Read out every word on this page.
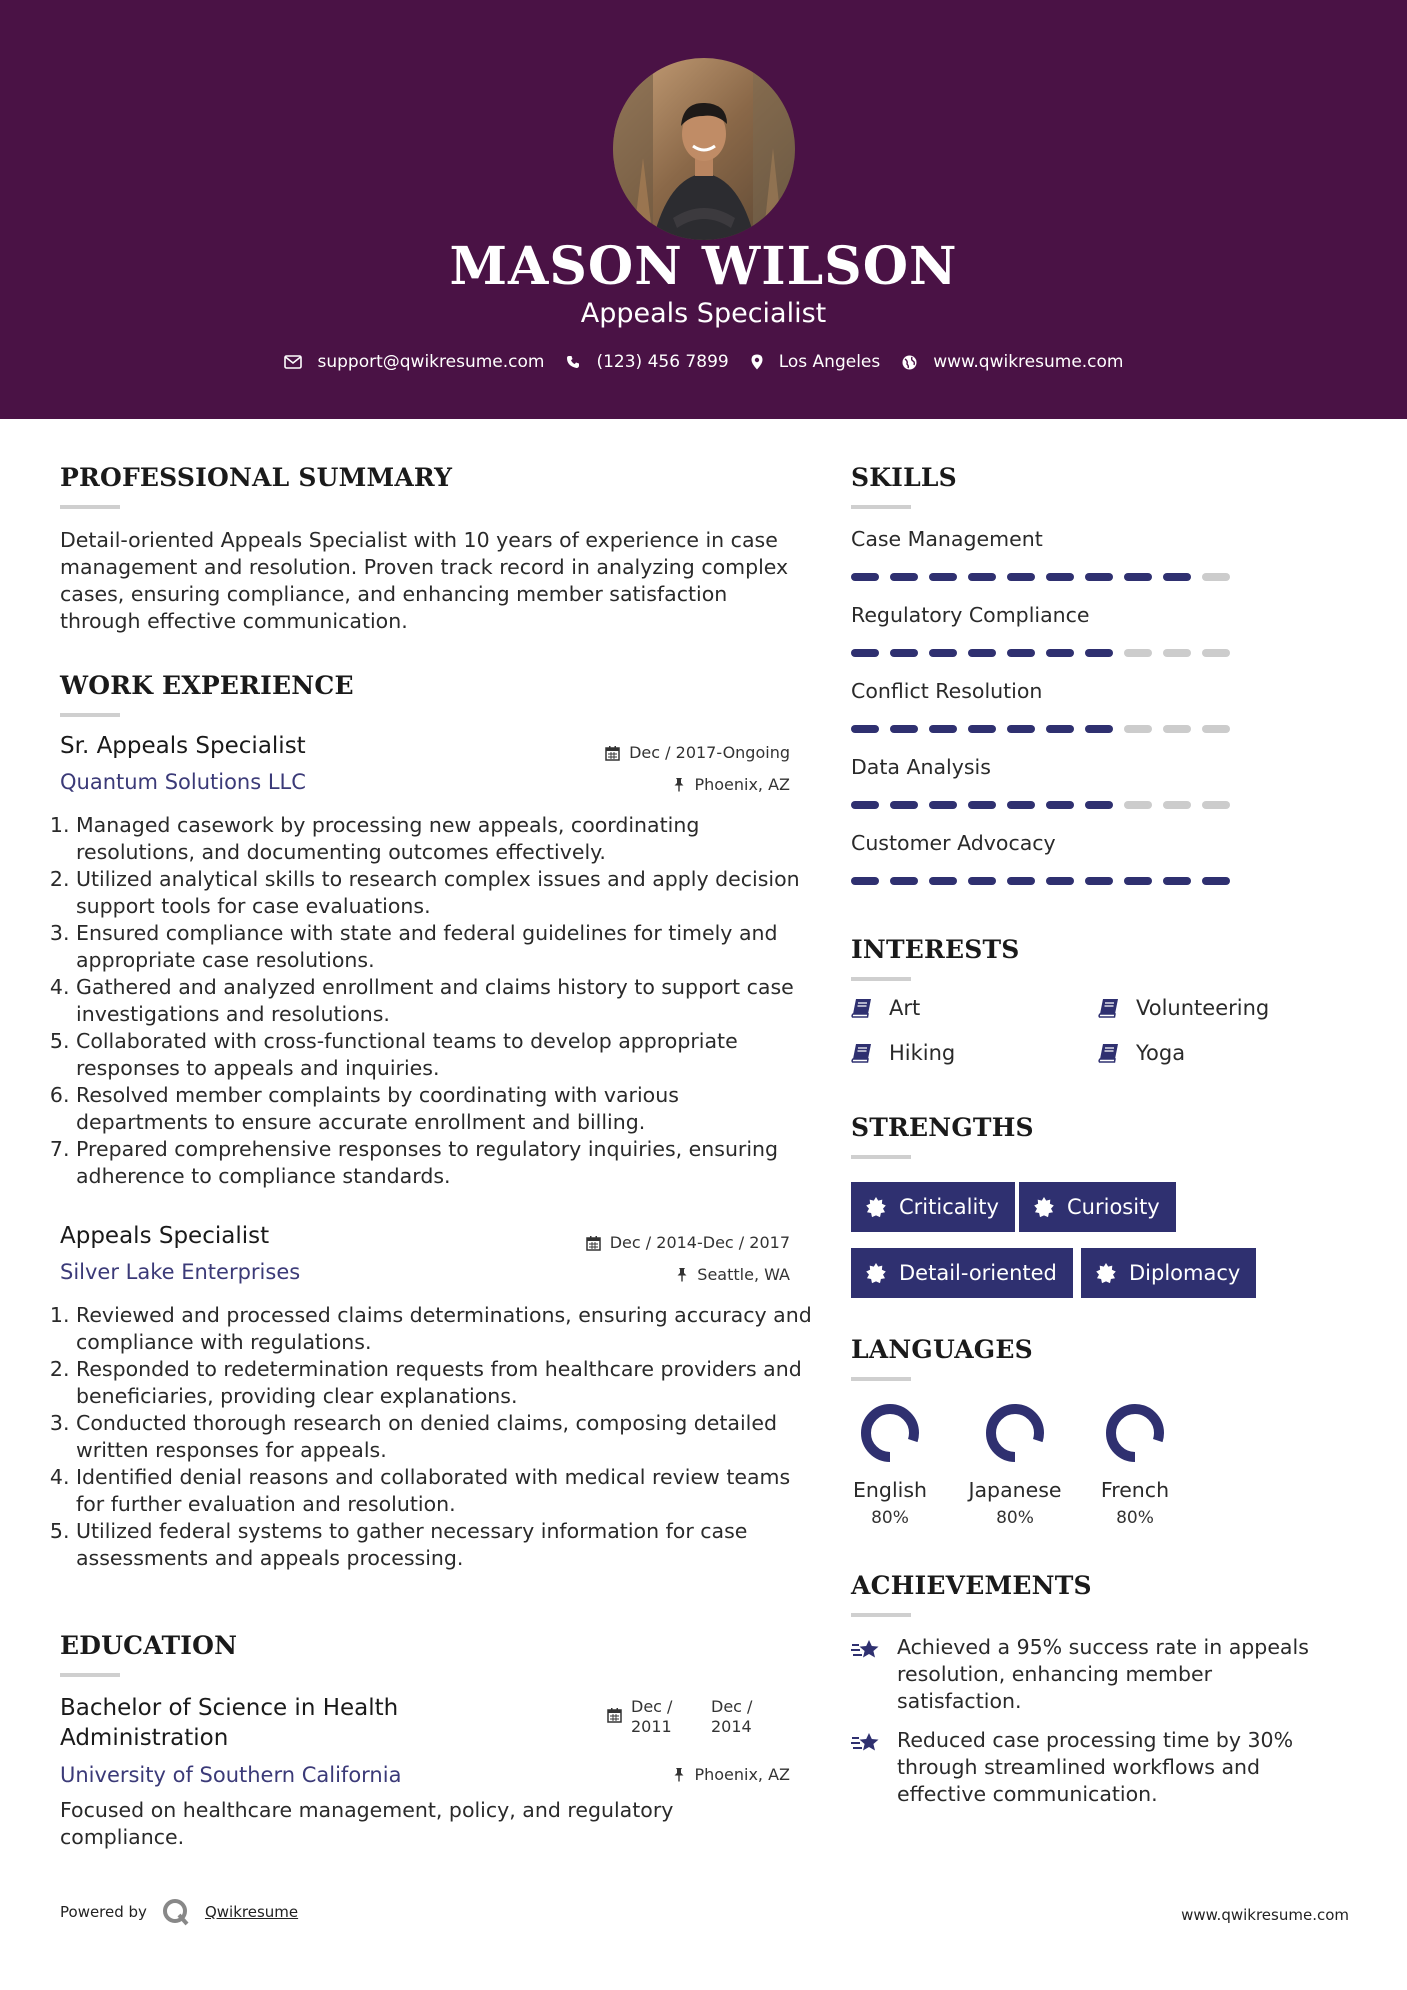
MASON WILSON
Appeals Specialist
support@qwikresume.com	(123) 456 7899	Los Angeles	www.qwikresume.com
PROFESSIONAL SUMMARY
Detail-oriented Appeals Specialist with 10 years of experience in case management and resolution. Proven track record in analyzing complex cases, ensuring compliance, and enhancing member satisfaction through effective communication.
WORK EXPERIENCE
Sr. Appeals Specialist	Dec / 2017-Ongoing
Quantum Solutions LLC	Phoenix, AZ
1. Managed casework by processing new appeals, coordinating resolutions, and documenting outcomes effectively.
2. Utilized analytical skills to research complex issues and apply decision support tools for case evaluations.
3. Ensured compliance with state and federal guidelines for timely and appropriate case resolutions.
4. Gathered and analyzed enrollment and claims history to support case investigations and resolutions.
5. Collaborated with cross-functional teams to develop appropriate responses to appeals and inquiries.
6. Resolved member complaints by coordinating with various departments to ensure accurate enrollment and billing.
7. Prepared comprehensive responses to regulatory inquiries, ensuring adherence to compliance standards.
Appeals Specialist	Dec / 2014-Dec / 2017
Silver Lake Enterprises	Seattle, WA
1. Reviewed and processed claims determinations, ensuring accuracy and compliance with regulations.
2. Responded to redetermination requests from healthcare providers and beneficiaries, providing clear explanations.
3. Conducted thorough research on denied claims, composing detailed written responses for appeals.
4. Identified denial reasons and collaborated with medical review teams for further evaluation and resolution.
5. Utilized federal systems to gather necessary information for case assessments and appeals processing.
EDUCATION
Bachelor of Science in Health Administration
Dec / 2011
Dec / 2014
University of Southern California	Phoenix, AZ
Focused on healthcare management, policy, and regulatory compliance.
SKILLS
Case Management
Regulatory Compliance
Conflict Resolution
Data Analysis
Customer Advocacy
INTERESTS
Art	Volunteering
Hiking	Yoga
STRENGTHS
Criticality	Curiosity
Detail-oriented	Diplomacy
LANGUAGES
English
80%
Japanese
80%
French
80%
ACHIEVEMENTS
Achieved a 95% success rate in appeals resolution, enhancing member satisfaction.
Reduced case processing time by 30% through streamlined workflows and effective communication.
Powered by	Qwikresume	www.qwikresume.com
